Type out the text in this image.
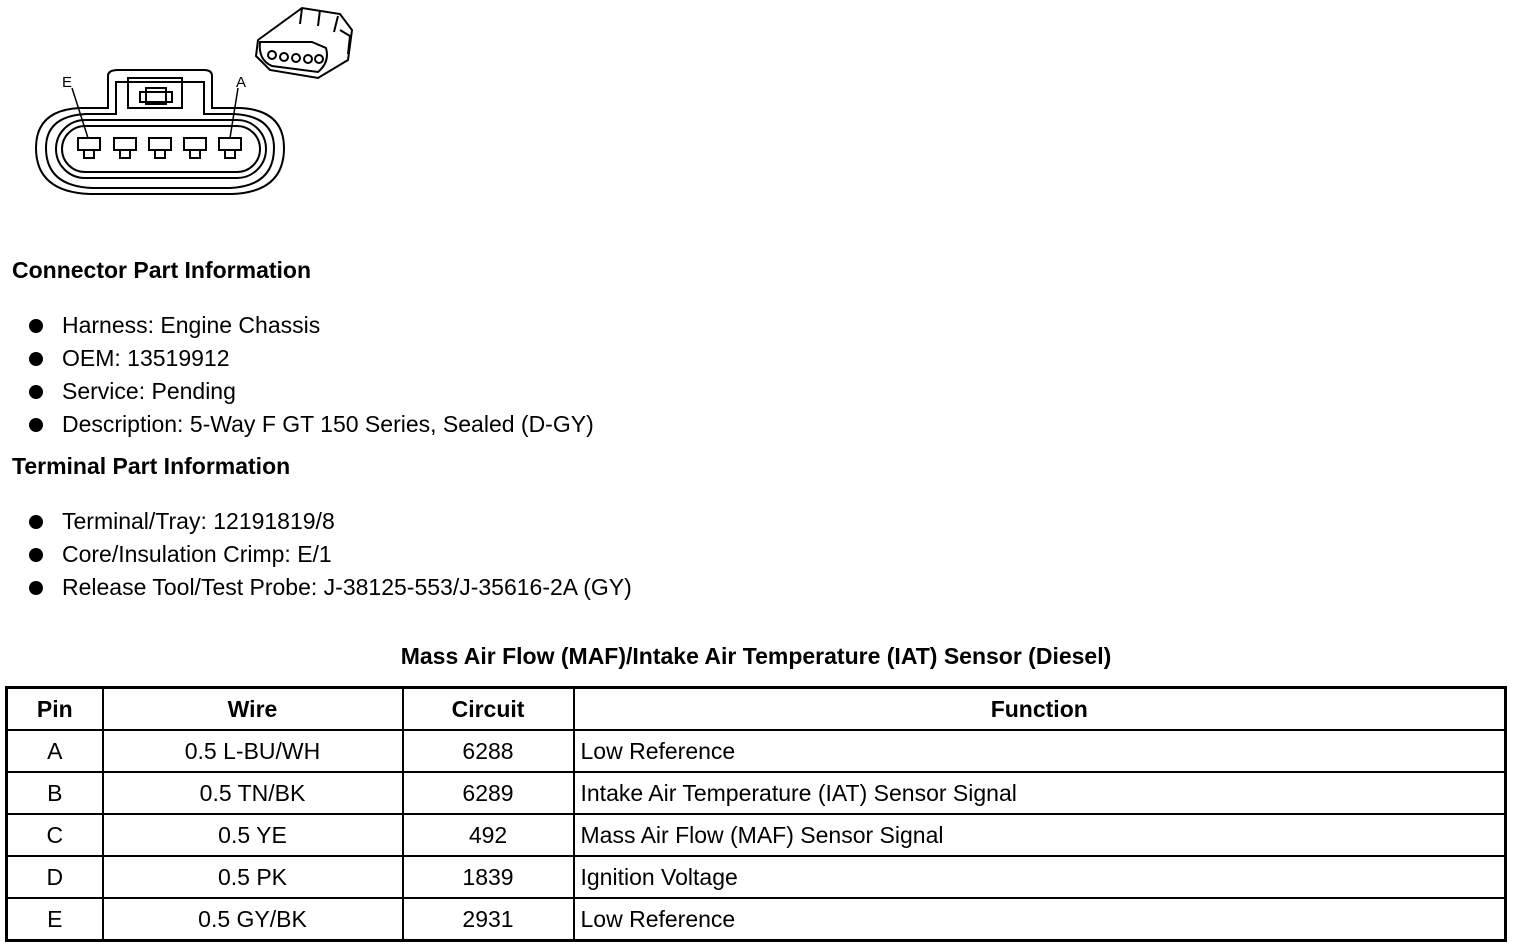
E	A
Connector Part Information
Harness: Engine Chassis
OEM: 13519912
Service: Pending
Description: 5-Way F GT 150 Series, Sealed (D-GY)
Terminal Part Information
Terminal/Tray: 12191819/8
Core/Insulation Crimp: E/1
Release Tool/Test Probe: J-38125-553/J-35616-2A (GY)
Mass Air Flow (MAF)/Intake Air Temperature (IAT) Sensor (Diesel)
Pin	Wire	Circuit	Function
A	0.5 L-BU/WH	6288	Low Reference
B	0.5 TN/BK	6289	Intake Air Temperature (IAT) Sensor Signal
C	0.5 YE	492	Mass Air Flow (MAF) Sensor Signal
D	0.5 PK	1839	Ignition Voltage
E	0.5 GY/BK	2931	Low Reference
